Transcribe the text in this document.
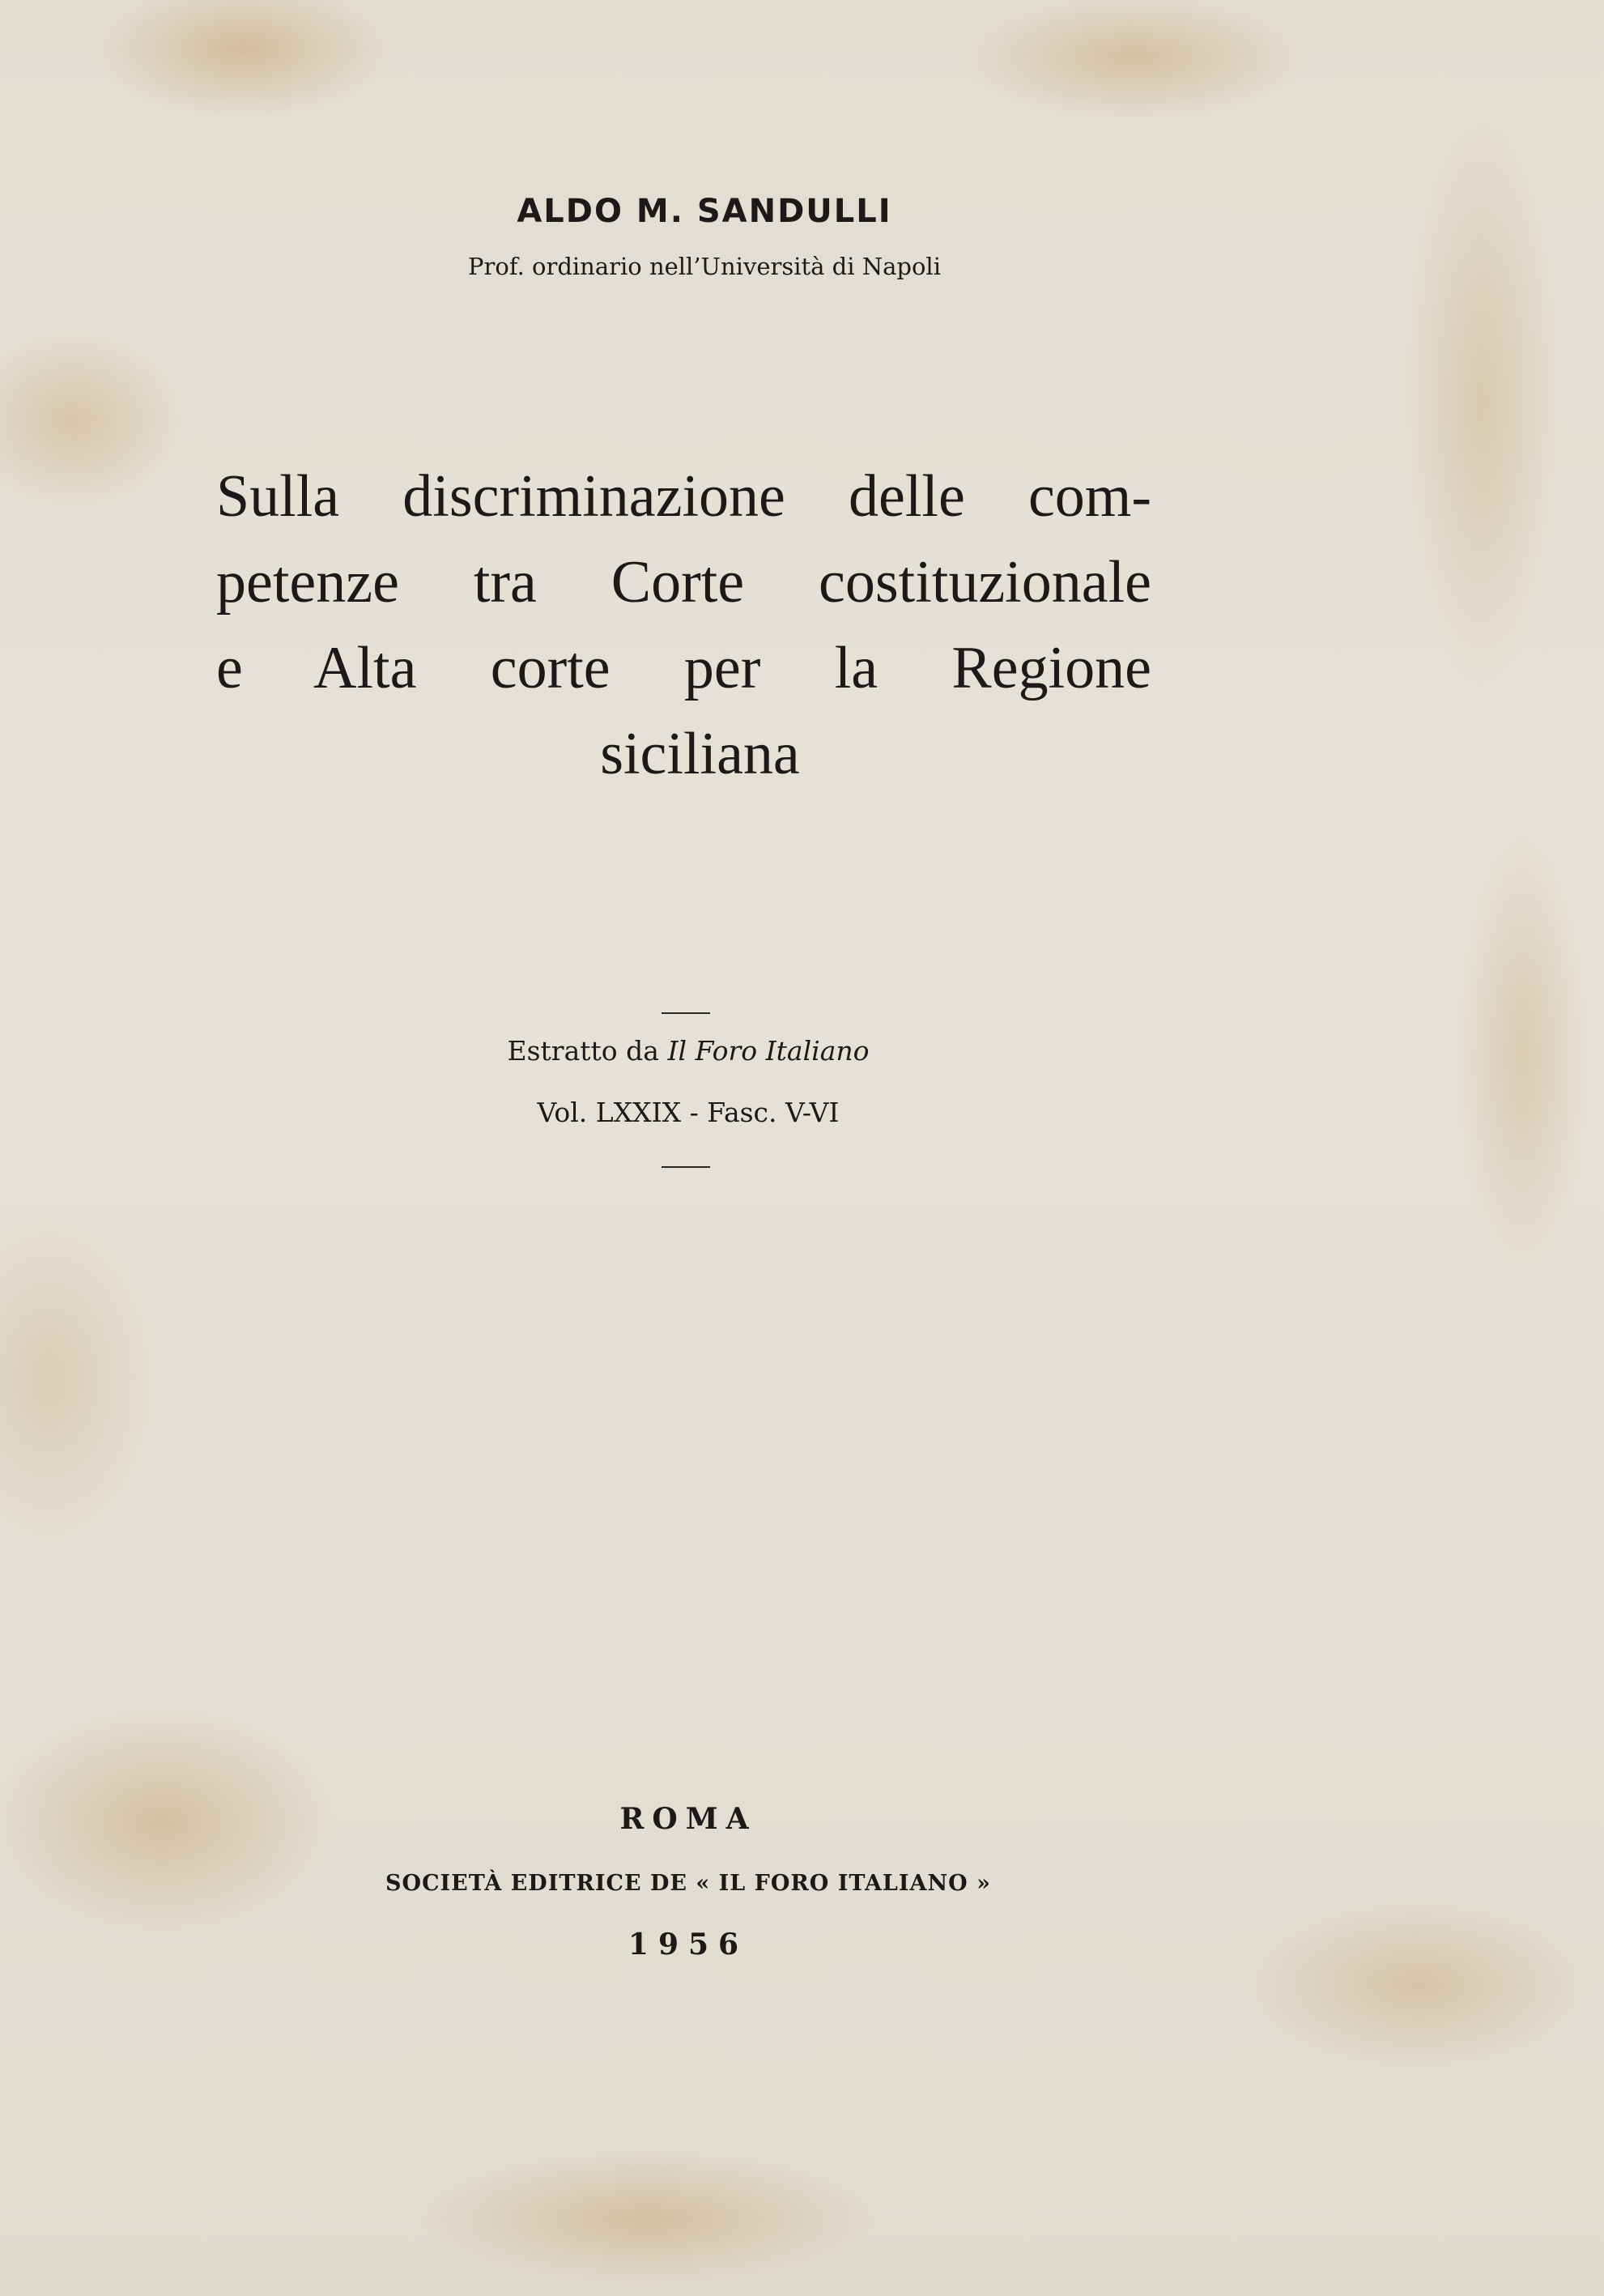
ALDO M. SANDULLI
Prof. ordinario nell’Università di Napoli
Sulla discriminazione delle com-
petenze tra Corte costituzionale
e Alta corte per la Regione
siciliana
Estratto da Il Foro Italiano
Vol. LXXIX - Fasc. V-VI
ROMA
SOCIETÀ EDITRICE DE « IL FORO ITALIANO »
1956
